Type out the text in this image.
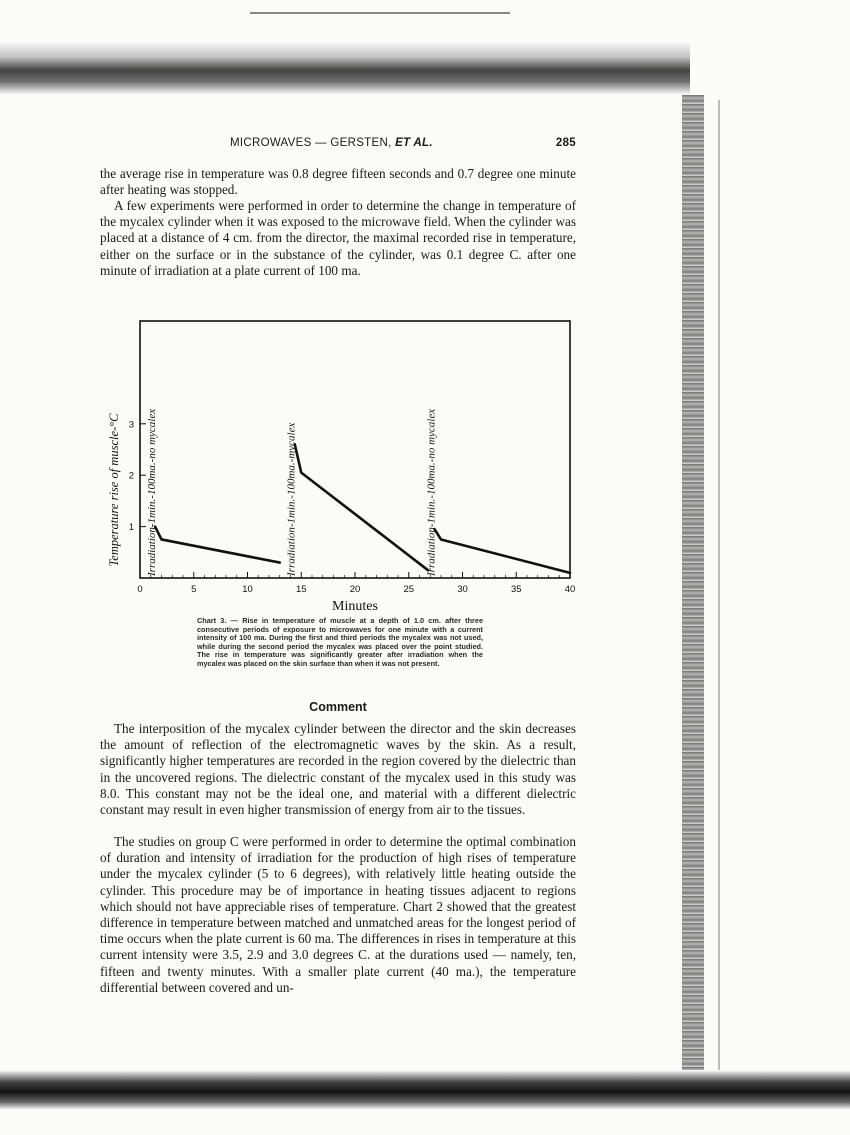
MICROWAVES — GERSTEN, ET AL.	285

the average rise in temperature was 0.8 degree fifteen seconds and 0.7 degree one minute after heating was stopped.

A few experiments were performed in order to determine the change in temperature of the mycalex cylinder when it was exposed to the microwave field. When the cylinder was placed at a distance of 4 cm. from the director, the maximal recorded rise in temperature, either on the surface or in the substance of the cylinder, was 0.1 degree C. after one minute of irradiation at a plate current of 100 ma.

0	5	10	15	20	25	30	35	40
1
2
3
Minutes
Temperature rise of muscle-°C Irradiation-1min.-100ma.-no mycalex	Irradiation-1min.-100ma.-mycalex	Irradiation-1min.-100ma.-no mycalex

Chart 3. — Rise in temperature of muscle at a depth of 1.0 cm. after three consecutive periods of exposure to microwaves for one minute with a current intensity of 100 ma. During the first and third periods the mycalex was not used, while during the second period the mycalex was placed over the point studied. The rise in temperature was significantly greater after irradiation when the mycalex was placed on the skin surface than when it was not present.

Comment

The interposition of the mycalex cylinder between the director and the skin decreases the amount of reflection of the electromagnetic waves by the skin. As a result, significantly higher temperatures are recorded in the region covered by the dielectric than in the uncovered regions. The dielectric constant of the mycalex used in this study was 8.0. This constant may not be the ideal one, and material with a different dielectric constant may result in even higher transmission of energy from air to the tissues.

The studies on group C were performed in order to determine the optimal combination of duration and intensity of irradiation for the production of high rises of temperature under the mycalex cylinder (5 to 6 degrees), with relatively little heating outside the cylinder. This procedure may be of importance in heating tissues adjacent to regions which should not have appreciable rises of temperature. Chart 2 showed that the greatest difference in temperature between matched and unmatched areas for the longest period of time occurs when the plate current is 60 ma. The differences in rises in temperature at this current intensity were 3.5, 2.9 and 3.0 degrees C. at the durations used — namely, ten, fifteen and twenty minutes. With a smaller plate current (40 ma.), the temperature differential between covered and un-
